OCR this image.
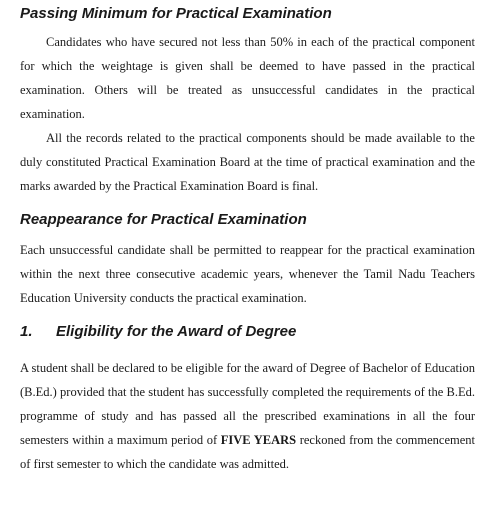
Passing Minimum for Practical Examination

Candidates who have secured not less than 50% in each of the practical component for which the weightage is given shall be deemed to have passed in the practical examination. Others will be treated as unsuccessful candidates in the practical examination.

All the records related to the practical components should be made available to the duly constituted Practical Examination Board at the time of practical examination and the marks awarded by the Practical Examination Board is final.

Reappearance for Practical Examination

Each unsuccessful candidate shall be permitted to reappear for the practical examination within the next three consecutive academic years, whenever the Tamil Nadu Teachers Education University conducts the practical examination.

1. Eligibility for the Award of Degree

A student shall be declared to be eligible for the award of Degree of Bachelor of Education (B.Ed.) provided that the student has successfully completed the requirements of the B.Ed. programme of study and has passed all the prescribed examinations in all the four semesters within a maximum period of FIVE YEARS reckoned from the commencement of first semester to which the candidate was admitted.
